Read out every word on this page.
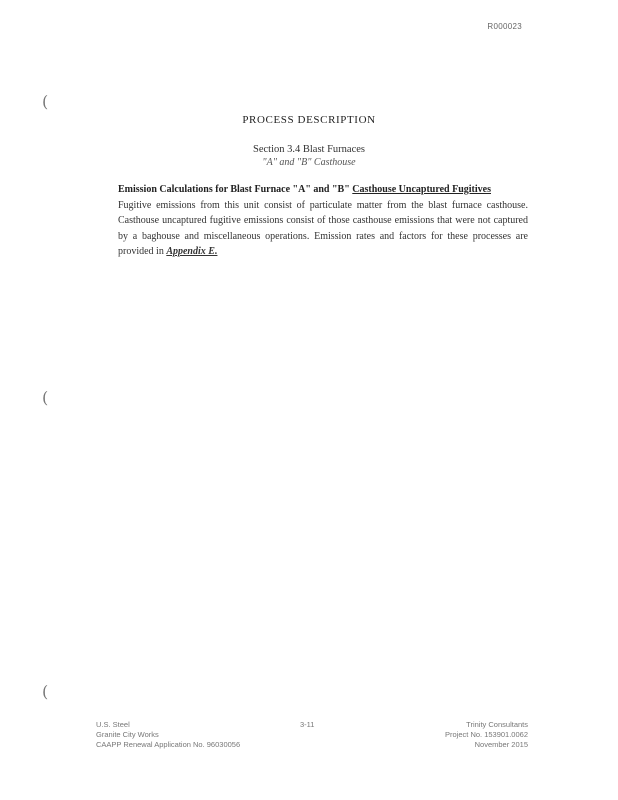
R000023
(
(
(
PROCESS DESCRIPTION
Section 3.4 Blast Furnaces
"A" and "B" Casthouse
Emission Calculations for Blast Furnace "A" and "B" Casthouse Uncaptured Fugitives
Fugitive emissions from this unit consist of particulate matter from the blast furnace casthouse. Casthouse uncaptured fugitive emissions consist of those casthouse emissions that were not captured by a baghouse and miscellaneous operations. Emission rates and factors for these processes are provided in Appendix E.
U.S. Steel
Granite City Works
CAAPP Renewal Application No. 96030056
3-11	Trinity Consultants
Project No. 153901.0062
November 2015
